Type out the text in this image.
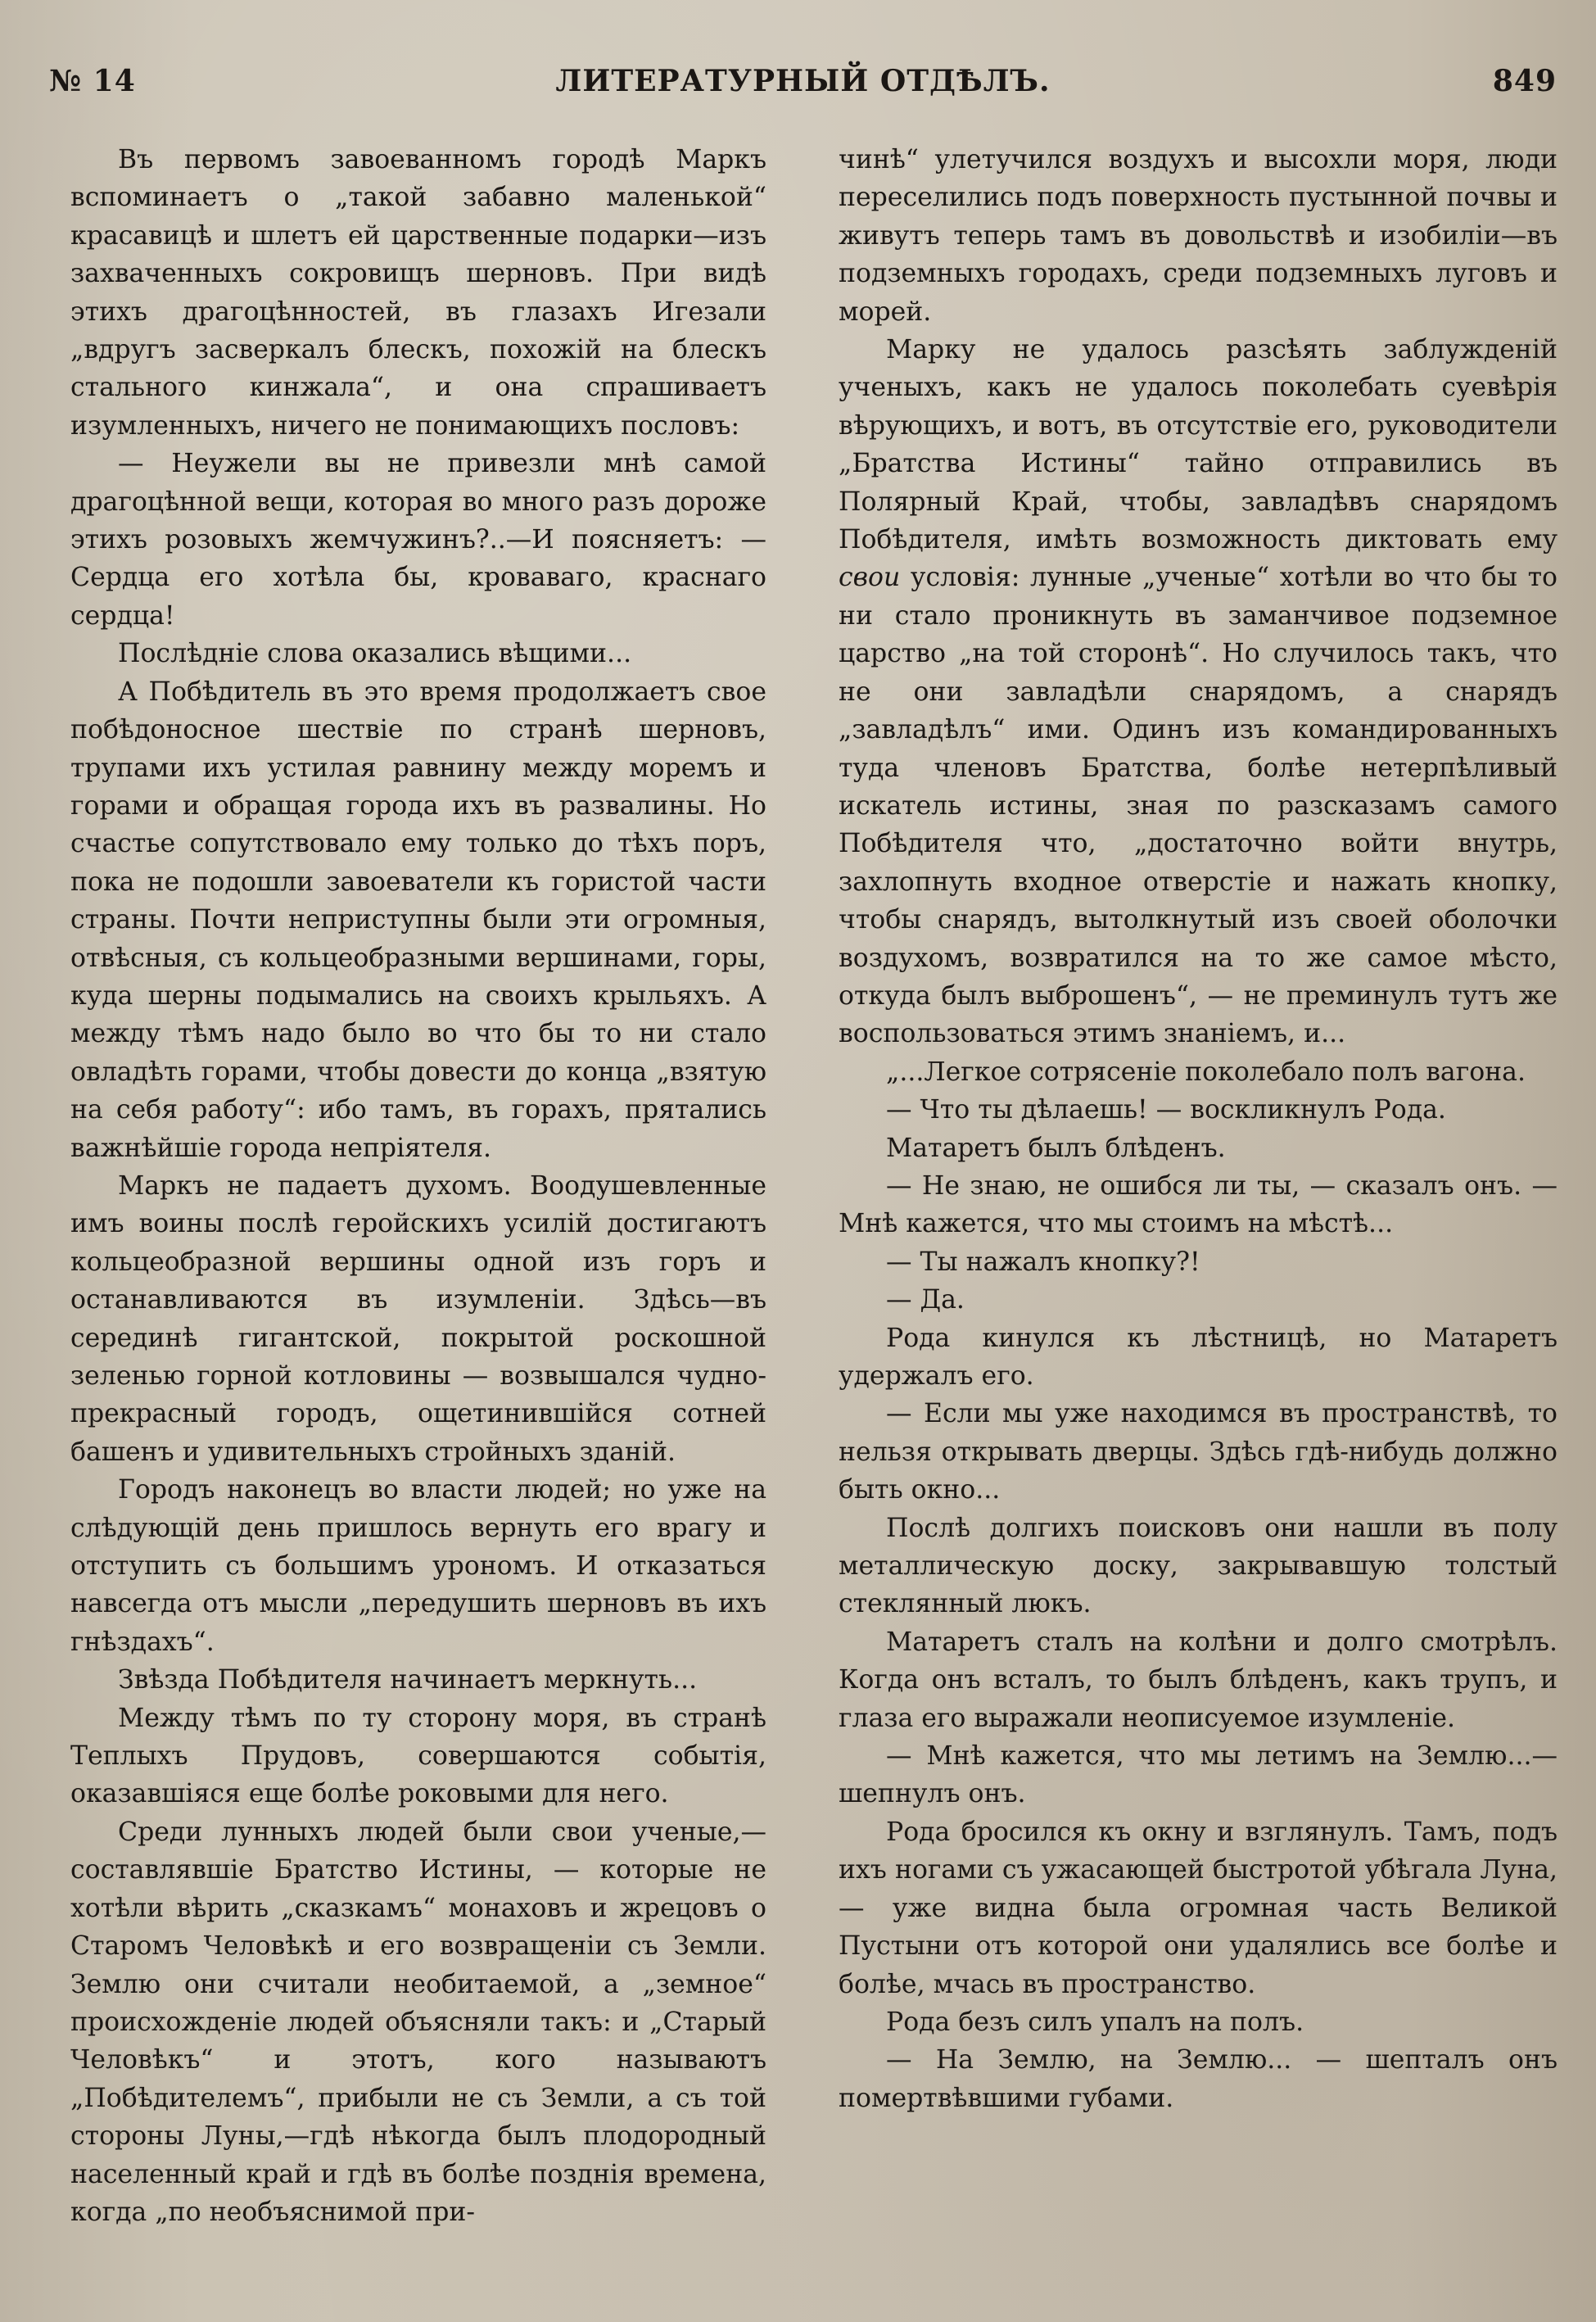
ЛИТЕРАТУРНЫЙ ОТДѢЛЪ.
№ 14	849

Въ первомъ завоеванномъ городѣ Маркъ вспоминаетъ о „такой забавно маленькой“ красавицѣ и шлетъ ей царственные подарки—изъ захваченныхъ сокровищъ шерновъ. При видѣ этихъ драгоцѣнностей, въ глазахъ Игезали „вдругъ засверкалъ блескъ, похожій на блескъ стального кинжала“, и она спрашиваетъ изумленныхъ, ничего не понимающихъ пословъ:

— Неужели вы не привезли мнѣ самой драгоцѣнной вещи, которая во много разъ дороже этихъ розовыхъ жемчужинъ?..—И поясняетъ: — Сердца его хотѣла бы, кроваваго, краснаго сердца!

Послѣдніе слова оказались вѣщими...

А Побѣдитель въ это время продолжаетъ свое побѣдоносное шествіе по странѣ шерновъ, трупами ихъ устилая равнину между моремъ и горами и обращая города ихъ въ развалины. Но счастье сопутствовало ему только до тѣхъ поръ, пока не подошли завоеватели къ гористой части страны. Почти неприступны были эти огромныя, отвѣсныя, съ кольцеобразными вершинами, горы, куда шерны подымались на своихъ крыльяхъ. А между тѣмъ надо было во что бы то ни стало овладѣть горами, чтобы довести до конца „взятую на себя работу“: ибо тамъ, въ горахъ, прятались важнѣйшіе города непріятеля.

Маркъ не падаетъ духомъ. Воодушевленные имъ воины послѣ геройскихъ усилій достигаютъ кольцеобразной вершины одной изъ горъ и останавливаются въ изумленіи. Здѣсь—въ серединѣ гигантской, покрытой роскошной зеленью горной котловины — возвышался чудно-прекрасный городъ, ощетинившійся сотней башенъ и удивительныхъ стройныхъ зданій.

Городъ наконецъ во власти людей; но уже на слѣдующій день пришлось вернуть его врагу и отступить съ большимъ урономъ. И отказаться навсегда отъ мысли „передушить шерновъ въ ихъ гнѣздахъ“.

Звѣзда Побѣдителя начинаетъ меркнуть...

Между тѣмъ по ту сторону моря, въ странѣ Теплыхъ Прудовъ, совершаются событія, оказавшіяся еще болѣе роковыми для него.

Среди лунныхъ людей были свои ученые,—составлявшіе Братство Истины, — которые не хотѣли вѣрить „сказкамъ“ монаховъ и жрецовъ о Старомъ Человѣкѣ и его возвращеніи съ Земли. Землю они считали необитаемой, а „земное“ происхожденіе людей объясняли такъ: и „Старый Человѣкъ“ и этотъ, кого называютъ „Побѣдителемъ“, прибыли не съ Земли, а съ той стороны Луны,—гдѣ нѣкогда былъ плодородный населенный край и гдѣ въ болѣе позднія времена, когда „по необъяснимой при-

чинѣ“ улетучился воздухъ и высохли моря, люди переселились подъ поверхность пустынной почвы и живутъ теперь тамъ въ довольствѣ и изобиліи—въ подземныхъ городахъ, среди подземныхъ луговъ и морей.

Марку не удалось разсѣять заблужденій ученыхъ, какъ не удалось поколебать суевѣрія вѣрующихъ, и вотъ, въ отсутствіе его, руководители „Братства Истины“ тайно отправились въ Полярный Край, чтобы, завладѣвъ снарядомъ Побѣдителя, имѣть возможность диктовать ему свои условія: лунные „ученые“ хотѣли во что бы то ни стало проникнуть въ заманчивое подземное царство „на той сторонѣ“. Но случилось такъ, что не они завладѣли снарядомъ, а снарядъ „завладѣлъ“ ими. Одинъ изъ командированныхъ туда членовъ Братства, болѣе нетерпѣливый искатель истины, зная по разсказамъ самого Побѣдителя что, „достаточно войти внутрь, захлопнуть входное отверстіе и нажать кнопку, чтобы снарядъ, вытолкнутый изъ своей оболочки воздухомъ, возвратился на то же самое мѣсто, откуда былъ выброшенъ“, — не преминулъ тутъ же воспользоваться этимъ знаніемъ, и...

„...Легкое сотрясеніе поколебало полъ вагона.

— Что ты дѣлаешь! — воскликнулъ Рода.

Матаретъ былъ блѣденъ.

— Не знаю, не ошибся ли ты, — сказалъ онъ. — Мнѣ кажется, что мы стоимъ на мѣстѣ...

— Ты нажалъ кнопку?!

— Да.

Рода кинулся къ лѣстницѣ, но Матаретъ удержалъ его.

— Если мы уже находимся въ пространствѣ, то нельзя открывать дверцы. Здѣсь гдѣ-нибудь должно быть окно...

Послѣ долгихъ поисковъ они нашли въ полу металлическую доску, закрывавшую толстый стеклянный люкъ.

Матаретъ сталъ на колѣни и долго смотрѣлъ. Когда онъ всталъ, то былъ блѣденъ, какъ трупъ, и глаза его выражали неописуемое изумленіе.

— Мнѣ кажется, что мы летимъ на Землю...— шепнулъ онъ.

Рода бросился къ окну и взглянулъ. Тамъ, подъ ихъ ногами съ ужасающей быстротой убѣгала Луна, — уже видна была огромная часть Великой Пустыни отъ которой они удалялись все болѣе и болѣе, мчась въ пространство.

Рода безъ силъ упалъ на полъ.

— На Землю, на Землю... — шепталъ онъ помертвѣвшими губами.
